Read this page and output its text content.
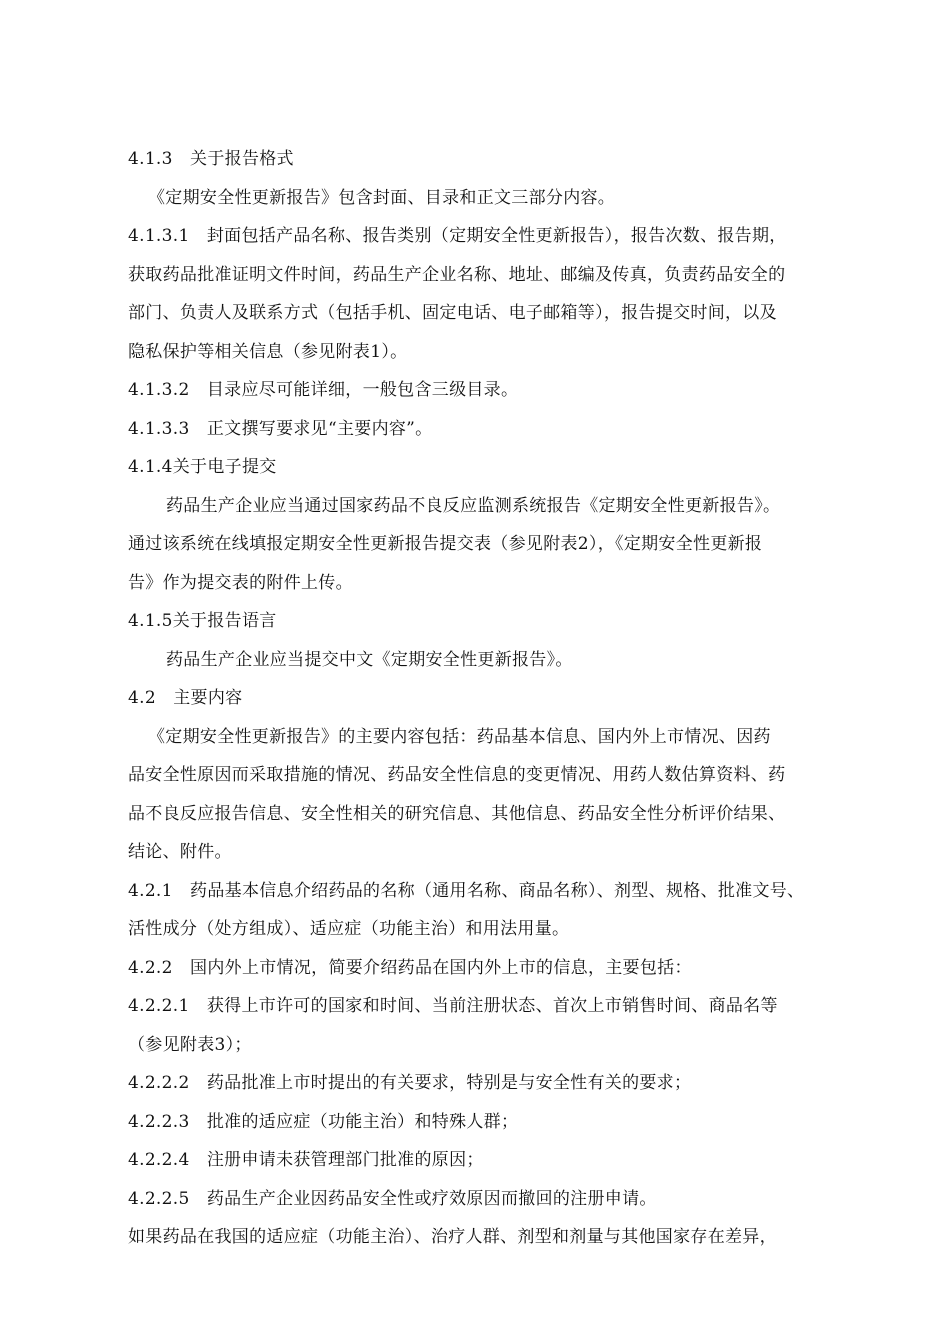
4.1.3　关于报告格式
《定期安全性更新报告》包含封面、目录和正文三部分内容。
4.1.3.1　封面包括产品名称、报告类别（定期安全性更新报告），报告次数、报告期，
获取药品批准证明文件时间，药品生产企业名称、地址、邮编及传真，负责药品安全的
部门、负责人及联系方式（包括手机、固定电话、电子邮箱等），报告提交时间，以及
隐私保护等相关信息（参见附表1）。
4.1.3.2　目录应尽可能详细，一般包含三级目录。
4.1.3.3　正文撰写要求见“主要内容”。
4.1.4关于电子提交
药品生产企业应当通过国家药品不良反应监测系统报告《定期安全性更新报告》。
通过该系统在线填报定期安全性更新报告提交表（参见附表2），《定期安全性更新报
告》作为提交表的附件上传。
4.1.5关于报告语言
药品生产企业应当提交中文《定期安全性更新报告》。
4.2　主要内容
《定期安全性更新报告》的主要内容包括：药品基本信息、国内外上市情况、因药
品安全性原因而采取措施的情况、药品安全性信息的变更情况、用药人数估算资料、药
品不良反应报告信息、安全性相关的研究信息、其他信息、药品安全性分析评价结果、
结论、附件。
4.2.1　药品基本信息介绍药品的名称（通用名称、商品名称）、剂型、规格、批准文号、
活性成分（处方组成）、适应症（功能主治）和用法用量。
4.2.2　国内外上市情况，简要介绍药品在国内外上市的信息，主要包括：
4.2.2.1　获得上市许可的国家和时间、当前注册状态、首次上市销售时间、商品名等
（参见附表3）；
4.2.2.2　药品批准上市时提出的有关要求，特别是与安全性有关的要求；
4.2.2.3　批准的适应症（功能主治）和特殊人群；
4.2.2.4　注册申请未获管理部门批准的原因；
4.2.2.5　药品生产企业因药品安全性或疗效原因而撤回的注册申请。
如果药品在我国的适应症（功能主治）、治疗人群、剂型和剂量与其他国家存在差异，
